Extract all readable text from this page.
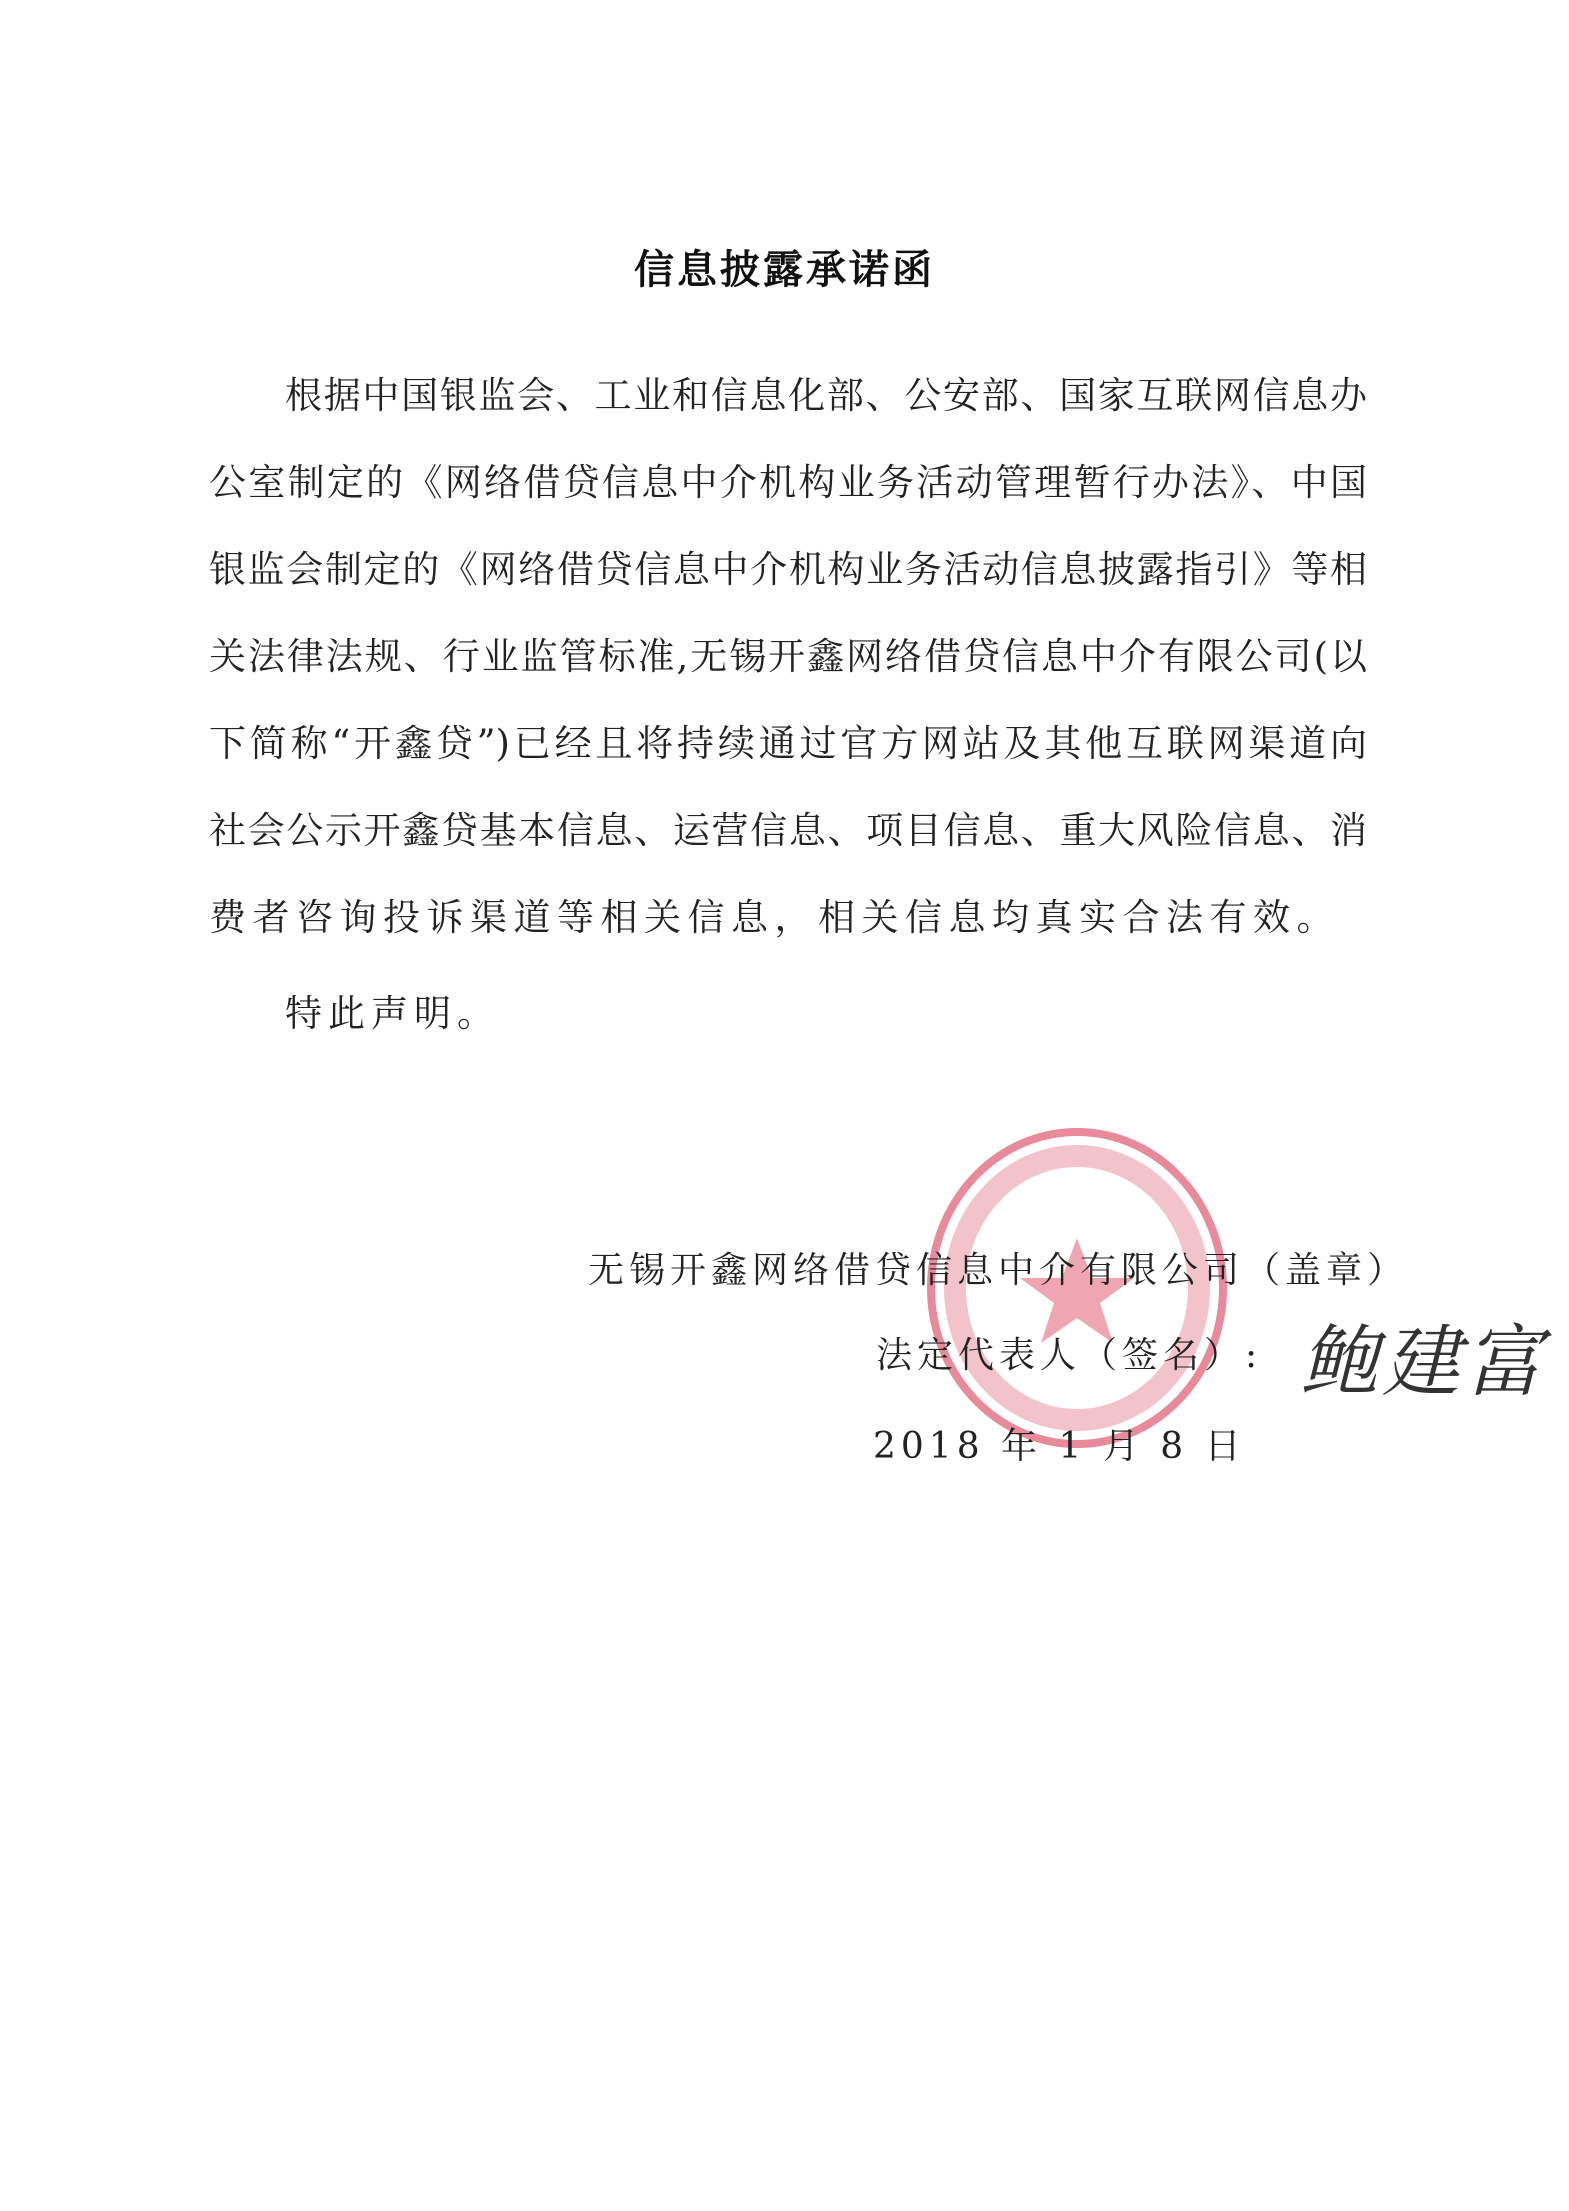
信息披露承诺函
根据中国银监会、工业和信息化部、公安部、国家互联网信息办
公室制定的《网络借贷信息中介机构业务活动管理暂行办法》、中国
银监会制定的《网络借贷信息中介机构业务活动信息披露指引》等相
关法律法规、行业监管标准,无锡开鑫网络借贷信息中介有限公司(以
下简称“开鑫贷”)已经且将持续通过官方网站及其他互联网渠道向
社会公示开鑫贷基本信息、运营信息、项目信息、重大风险信息、消
费者咨询投诉渠道等相关信息，相关信息均真实合法有效。
特此声明。
无锡开鑫网络借贷信息中介有限公司（盖章）
法定代表人（签名）:
2018 年 1 月 8 日
鲍建富
